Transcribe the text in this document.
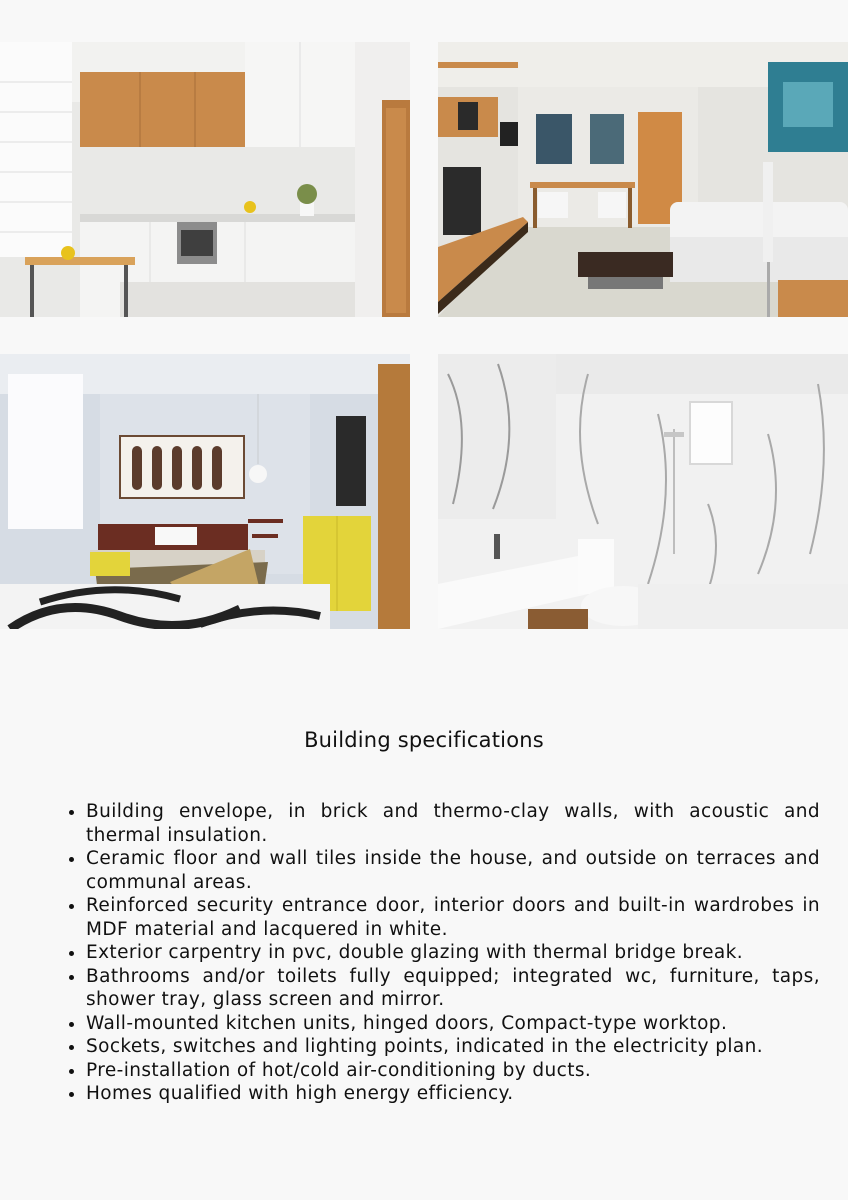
Building specifications
• Building envelope, in brick and thermo-clay walls, with acoustic and thermal insulation.
• Ceramic floor and wall tiles inside the house, and outside on terraces and communal areas.
• Reinforced security entrance door, interior doors and built-in wardrobes in MDF material and lacquered in white.
• Exterior carpentry in pvc, double glazing with thermal bridge break.
• Bathrooms and/or toilets fully equipped; integrated wc, furniture, taps, shower tray, glass screen and mirror.
• Wall-mounted kitchen units, hinged doors, Compact-type worktop.
• Sockets, switches and lighting points, indicated in the electricity plan.
• Pre-installation of hot/cold air-conditioning by ducts.
• Homes qualified with high energy efficiency.
